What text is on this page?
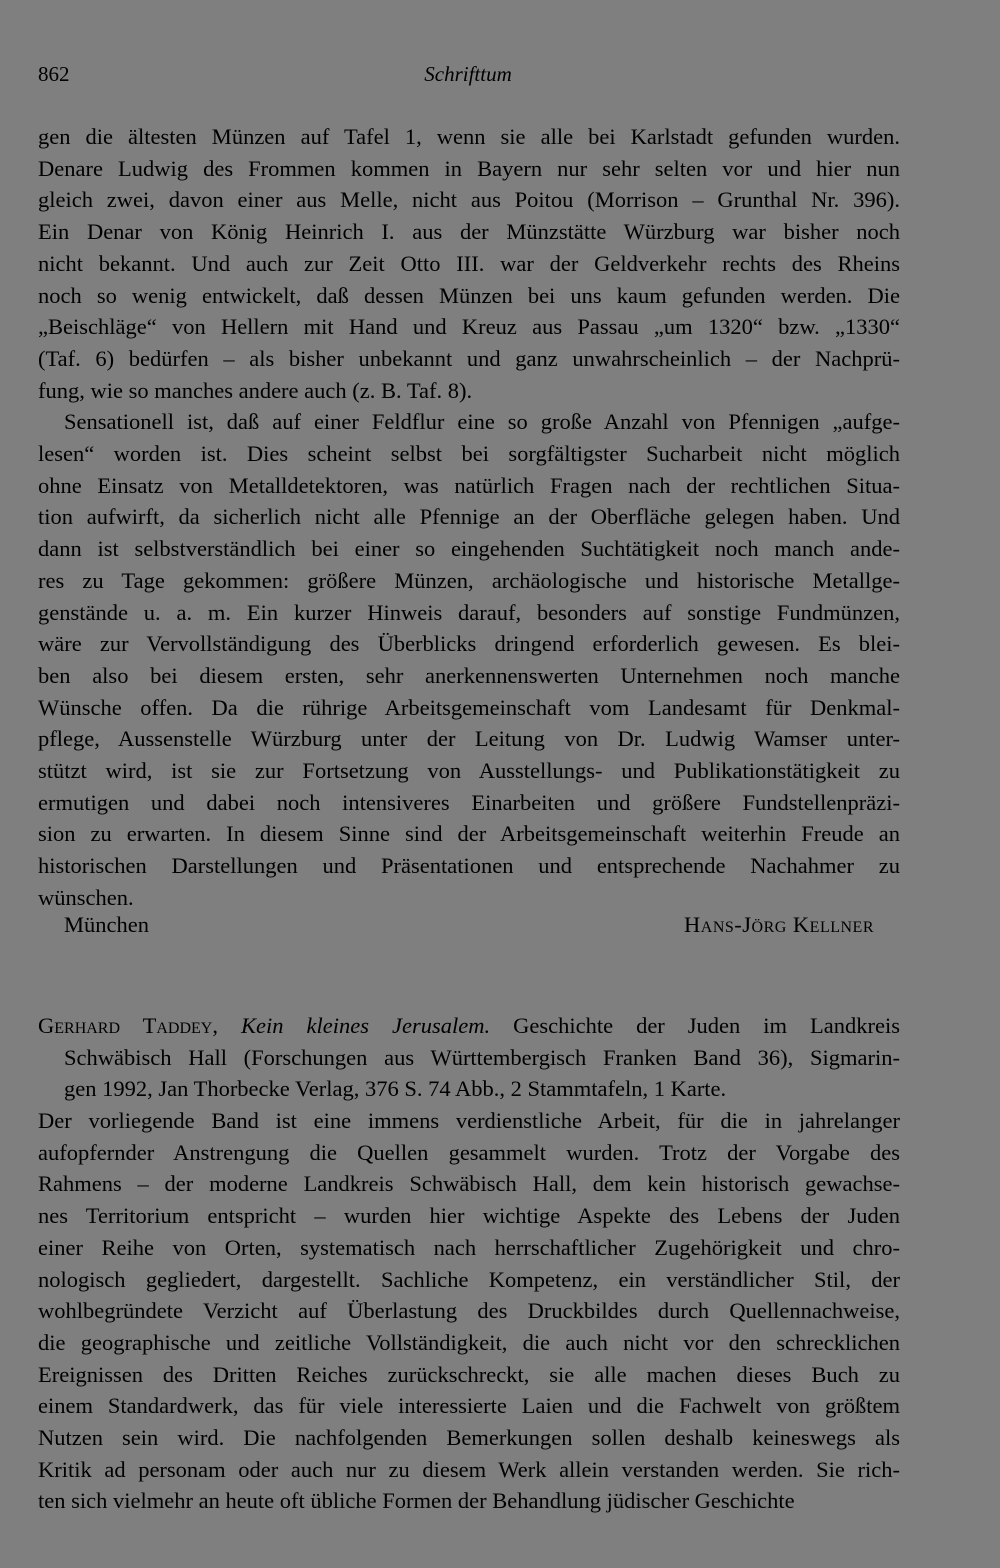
862	Schrifttum
gen die ältesten Münzen auf Tafel 1, wenn sie alle bei Karlstadt gefunden wurden.
Denare Ludwig des Frommen kommen in Bayern nur sehr selten vor und hier nun
gleich zwei, davon einer aus Melle, nicht aus Poitou (Morrison – Grunthal Nr. 396).
Ein Denar von König Heinrich I. aus der Münzstätte Würzburg war bisher noch
nicht bekannt. Und auch zur Zeit Otto III. war der Geldverkehr rechts des Rheins
noch so wenig entwickelt, daß dessen Münzen bei uns kaum gefunden werden. Die
„Beischläge“ von Hellern mit Hand und Kreuz aus Passau „um 1320“ bzw. „1330“
(Taf. 6) bedürfen – als bisher unbekannt und ganz unwahrscheinlich – der Nachprü-
fung, wie so manches andere auch (z. B. Taf. 8).
Sensationell ist, daß auf einer Feldflur eine so große Anzahl von Pfennigen „aufge-
lesen“ worden ist. Dies scheint selbst bei sorgfältigster Sucharbeit nicht möglich
ohne Einsatz von Metalldetektoren, was natürlich Fragen nach der rechtlichen Situa-
tion aufwirft, da sicherlich nicht alle Pfennige an der Oberfläche gelegen haben. Und
dann ist selbstverständlich bei einer so eingehenden Suchtätigkeit noch manch ande-
res zu Tage gekommen: größere Münzen, archäologische und historische Metallge-
genstände u. a. m. Ein kurzer Hinweis darauf, besonders auf sonstige Fundmünzen,
wäre zur Vervollständigung des Überblicks dringend erforderlich gewesen. Es blei-
ben also bei diesem ersten, sehr anerkennenswerten Unternehmen noch manche
Wünsche offen. Da die rührige Arbeitsgemeinschaft vom Landesamt für Denkmal-
pflege, Aussenstelle Würzburg unter der Leitung von Dr. Ludwig Wamser unter-
stützt wird, ist sie zur Fortsetzung von Ausstellungs- und Publikationstätigkeit zu
ermutigen und dabei noch intensiveres Einarbeiten und größere Fundstellenpräzi-
sion zu erwarten. In diesem Sinne sind der Arbeitsgemeinschaft weiterhin Freude an
historischen Darstellungen und Präsentationen und entsprechende Nachahmer zu
wünschen.
München	Hans-Jörg Kellner
Gerhard Taddey, Kein kleines Jerusalem. Geschichte der Juden im Landkreis
Schwäbisch Hall (Forschungen aus Württembergisch Franken Band 36), Sigmarin-
gen 1992, Jan Thorbecke Verlag, 376 S. 74 Abb., 2 Stammtafeln, 1 Karte.
Der vorliegende Band ist eine immens verdienstliche Arbeit, für die in jahrelanger
aufopfernder Anstrengung die Quellen gesammelt wurden. Trotz der Vorgabe des
Rahmens – der moderne Landkreis Schwäbisch Hall, dem kein historisch gewachse-
nes Territorium entspricht – wurden hier wichtige Aspekte des Lebens der Juden
einer Reihe von Orten, systematisch nach herrschaftlicher Zugehörigkeit und chro-
nologisch gegliedert, dargestellt. Sachliche Kompetenz, ein verständlicher Stil, der
wohlbegründete Verzicht auf Überlastung des Druckbildes durch Quellennachweise,
die geographische und zeitliche Vollständigkeit, die auch nicht vor den schrecklichen
Ereignissen des Dritten Reiches zurückschreckt, sie alle machen dieses Buch zu
einem Standardwerk, das für viele interessierte Laien und die Fachwelt von größtem
Nutzen sein wird. Die nachfolgenden Bemerkungen sollen deshalb keineswegs als
Kritik ad personam oder auch nur zu diesem Werk allein verstanden werden. Sie rich-
ten sich vielmehr an heute oft übliche Formen der Behandlung jüdischer Geschichte
